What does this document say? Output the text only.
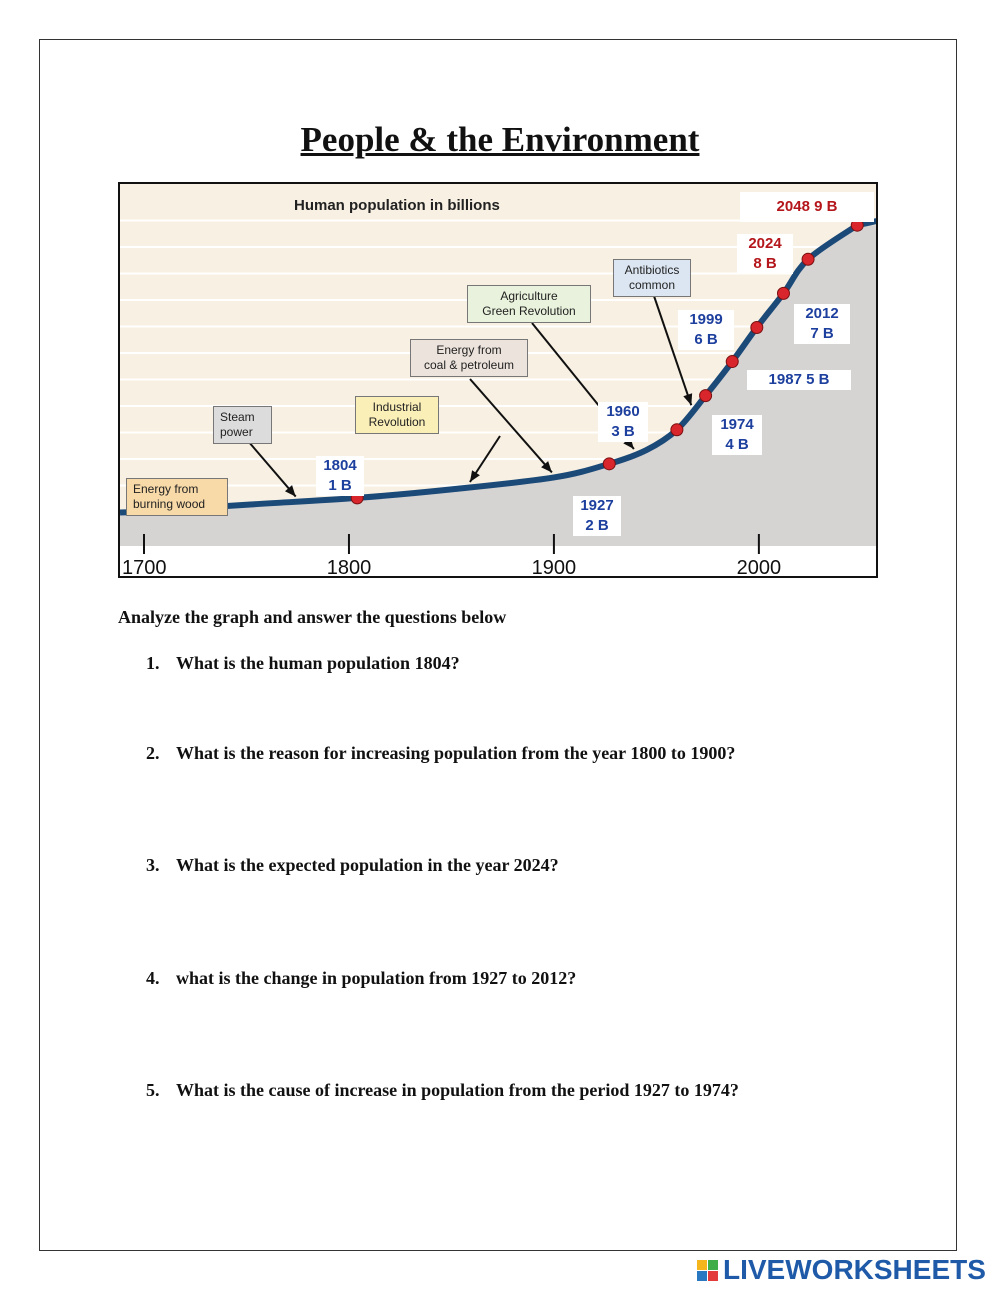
People & the Environment
1700	1800	1900	2000
Human population in billions
Energy from
burning wood
Steam
power
Industrial
Revolution
Energy from
coal & petroleum
Agriculture
Green Revolution
Antibiotics
common
1804
1 B
1927
2 B
1960
3 B	1974
4 B
1987 5 B
1999
6 B
2012
7 B
2024
8 B
2048 9 B
Analyze the graph and answer the questions below
1. What is the human population 1804?
2. What is the reason for increasing population from the year 1800 to 1900?
3. What is the expected population in the year 2024?
4. what is the change in population from 1927 to 2012?
5. What is the cause of increase in population from the period 1927 to 1974?
LIVEWORKSHEETS
